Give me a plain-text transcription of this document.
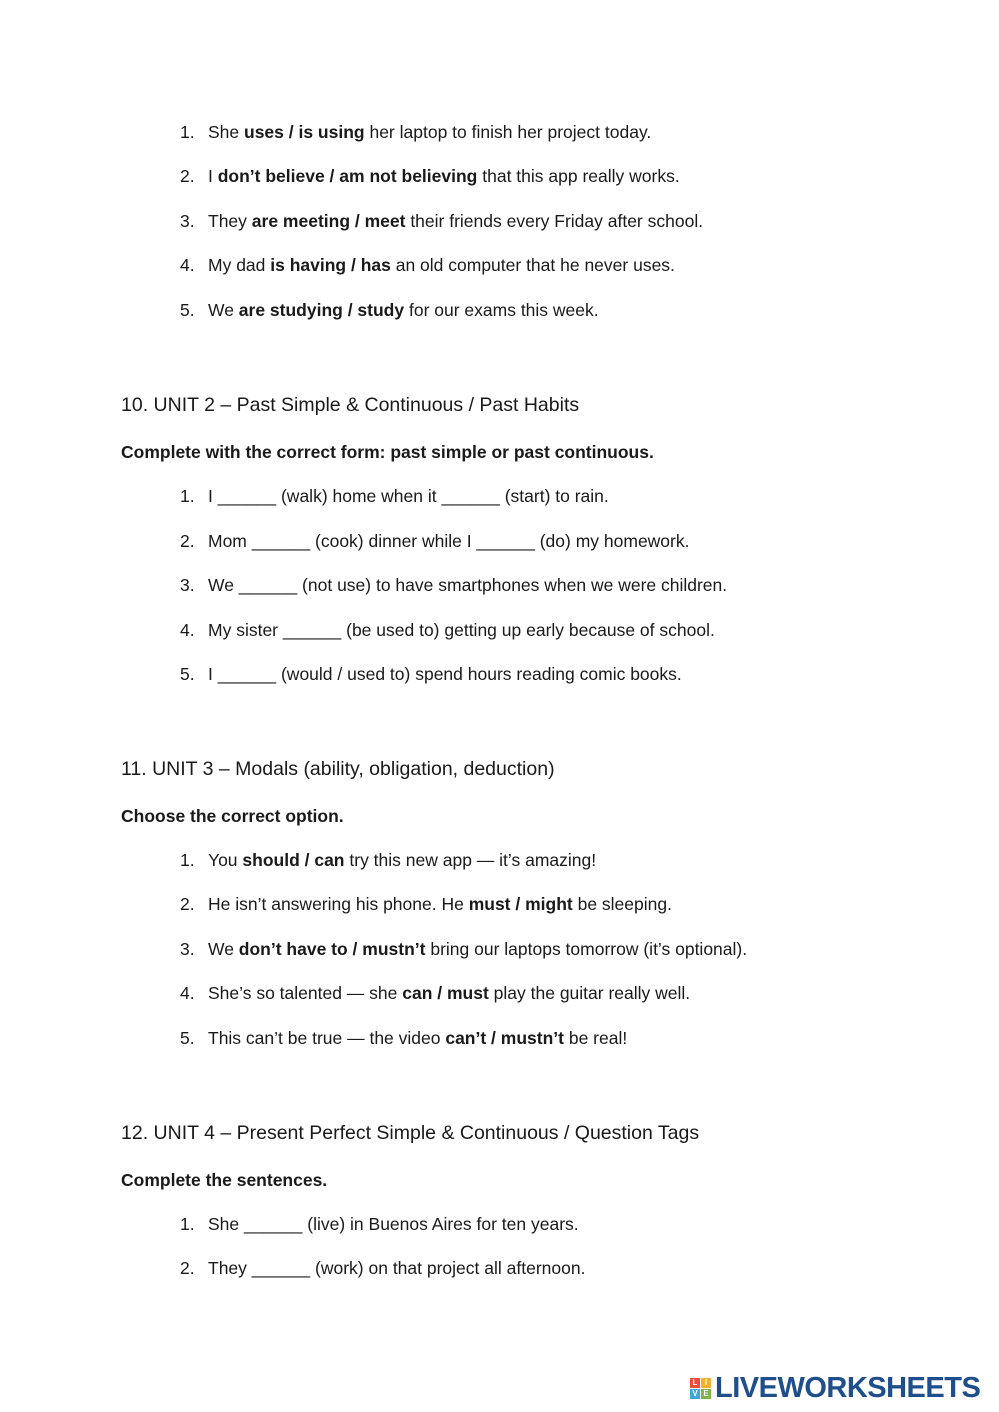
1. She uses / is using her laptop to finish her project today.
2. I don’t believe / am not believing that this app really works.
3. They are meeting / meet their friends every Friday after school.
4. My dad is having / has an old computer that he never uses.
5. We are studying / study for our exams this week.
10. UNIT 2 – Past Simple & Continuous / Past Habits
Complete with the correct form: past simple or past continuous.
1. I ______ (walk) home when it ______ (start) to rain.
2. Mom ______ (cook) dinner while I ______ (do) my homework.
3. We ______ (not use) to have smartphones when we were children.
4. My sister ______ (be used to) getting up early because of school.
5. I ______ (would / used to) spend hours reading comic books.
11. UNIT 3 – Modals (ability, obligation, deduction)
Choose the correct option.
1. You should / can try this new app — it’s amazing!
2. He isn’t answering his phone. He must / might be sleeping.
3. We don’t have to / mustn’t bring our laptops tomorrow (it’s optional).
4. She’s so talented — she can / must play the guitar really well.
5. This can’t be true — the video can’t / mustn’t be real!
12. UNIT 4 – Present Perfect Simple & Continuous / Question Tags
Complete the sentences.
1. She ______ (live) in Buenos Aires for ten years.
2. They ______ (work) on that project all afternoon.
L I
V E LIVEWORKSHEETS
